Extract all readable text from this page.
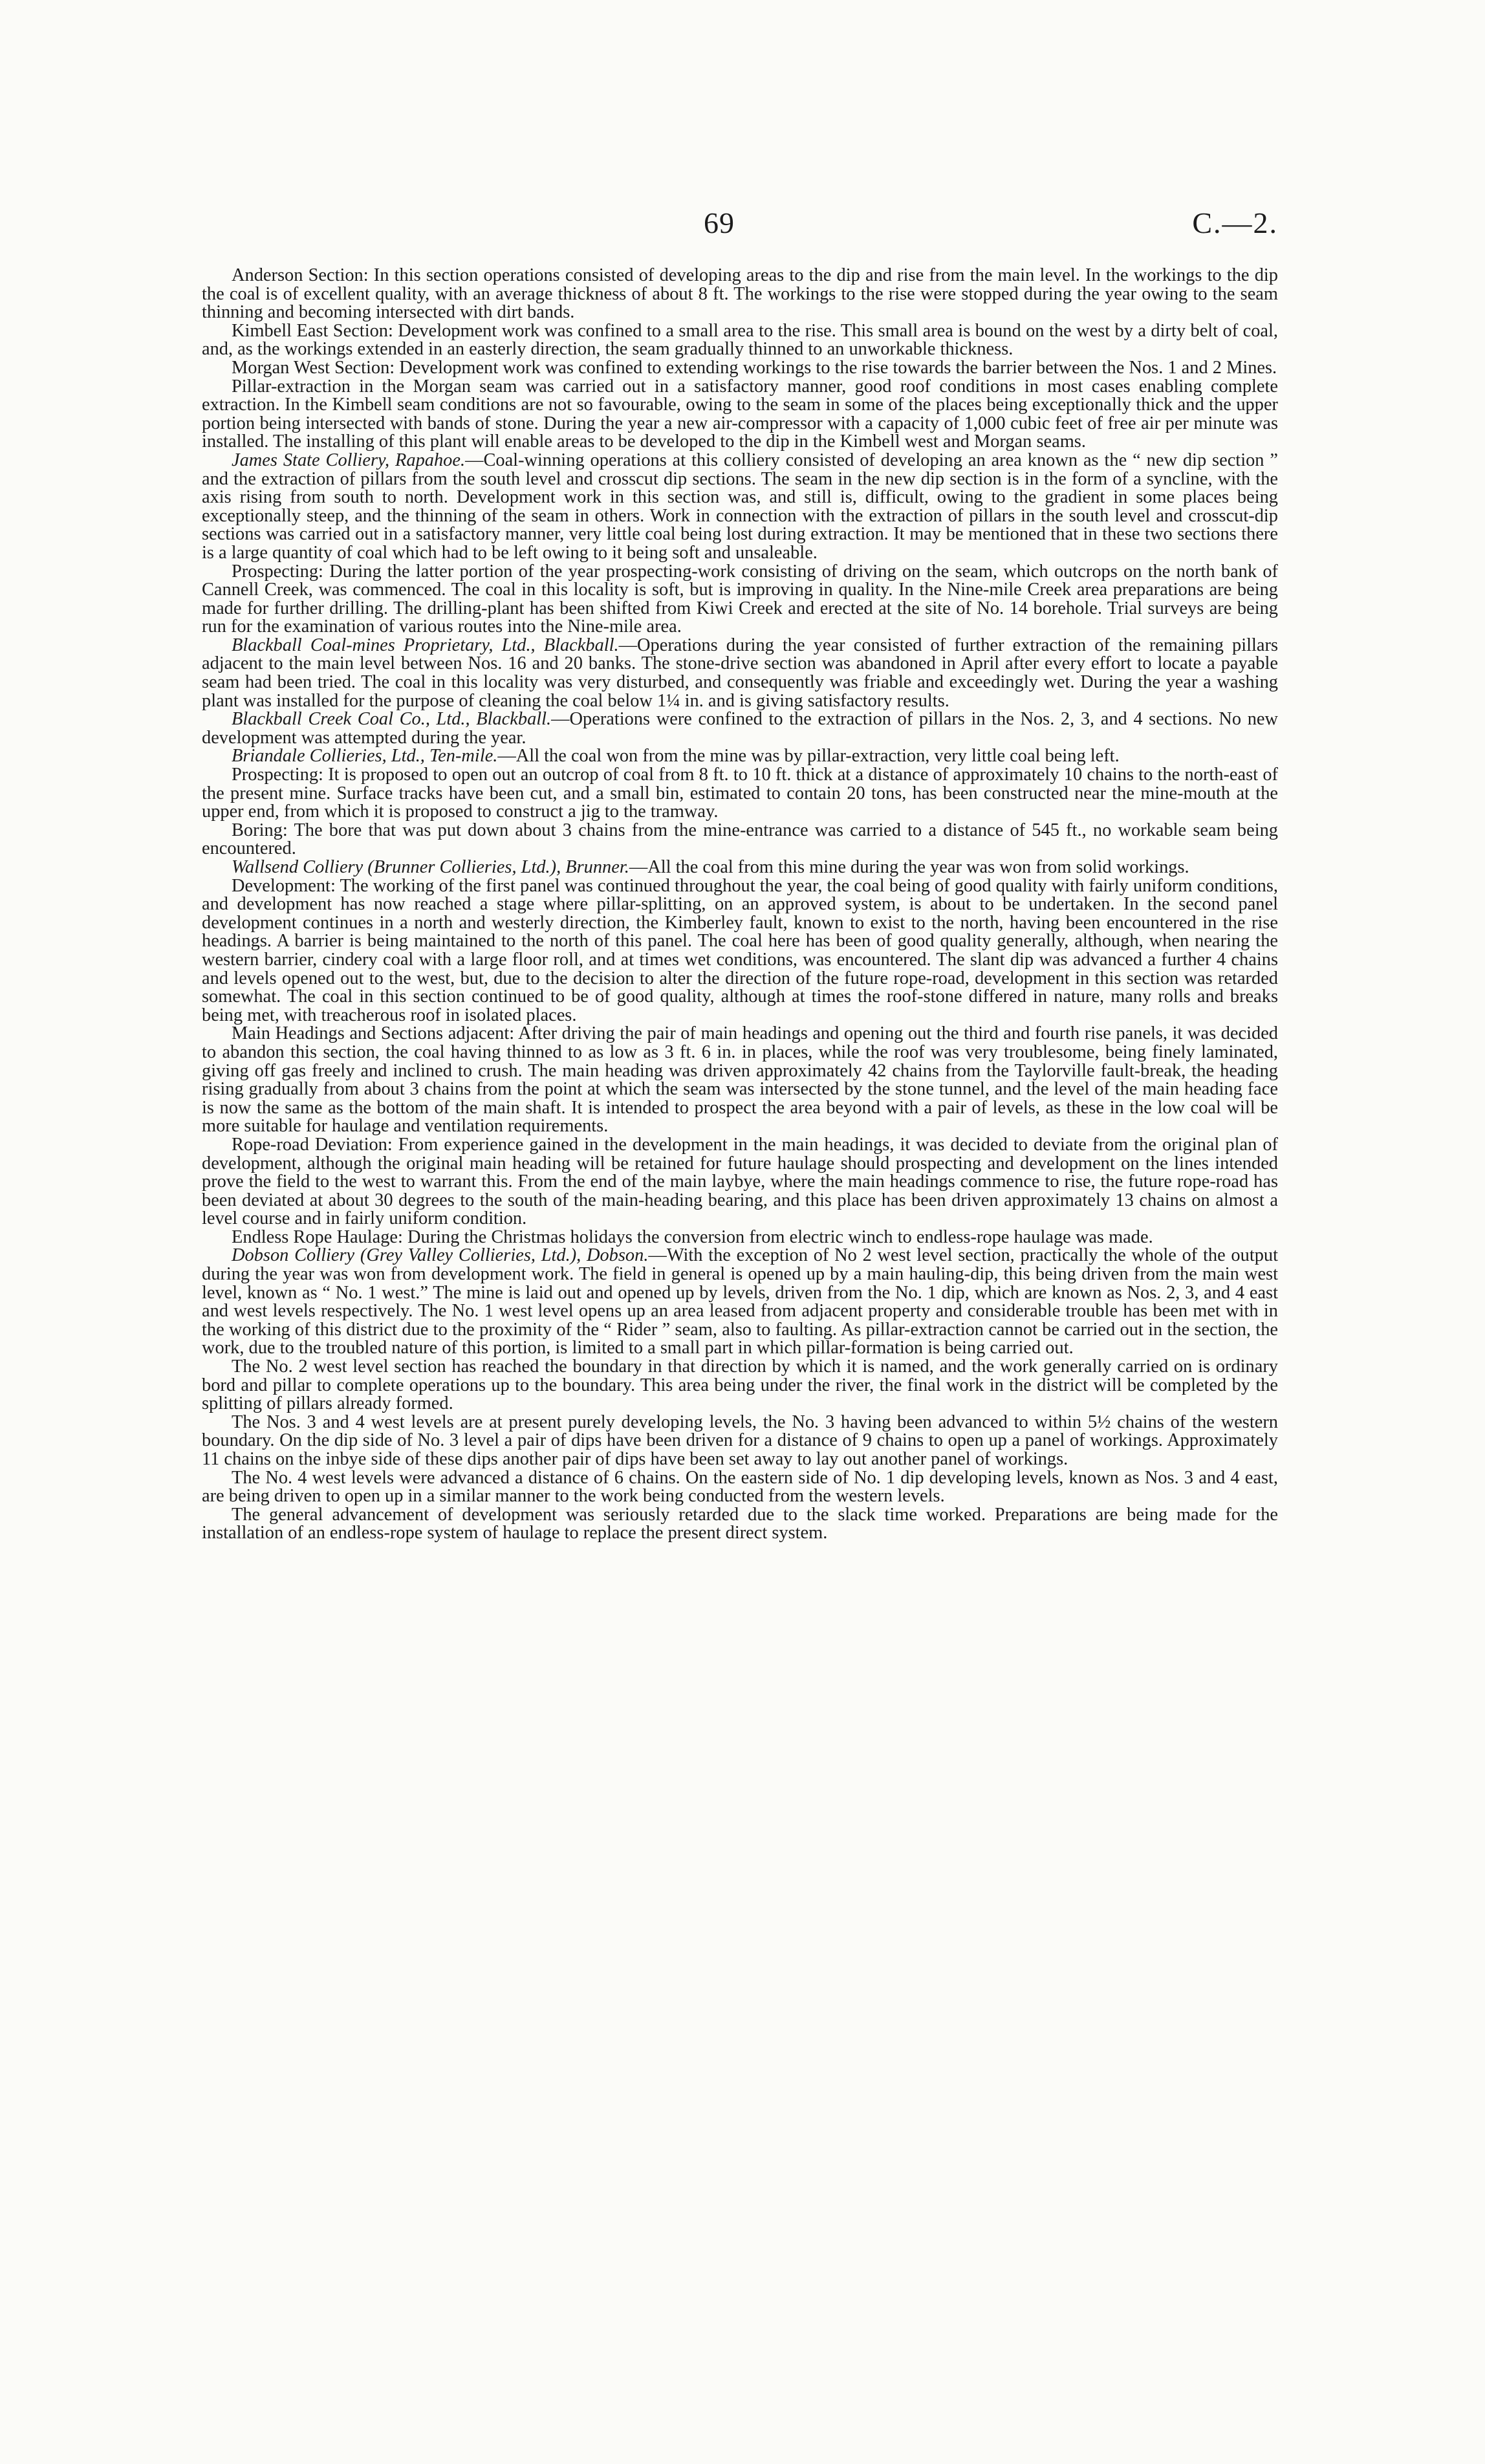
69	C.—2.

Anderson Section: In this section operations consisted of developing areas to the dip and rise from the main level. In the workings to the dip the coal is of excellent quality, with an average thickness of about 8 ft. The workings to the rise were stopped during the year owing to the seam thinning and becoming intersected with dirt bands.

Kimbell East Section: Development work was confined to a small area to the rise. This small area is bound on the west by a dirty belt of coal, and, as the workings extended in an easterly direction, the seam gradually thinned to an unworkable thickness.

Morgan West Section: Development work was confined to extending workings to the rise towards the barrier between the Nos. 1 and 2 Mines.

Pillar-extraction in the Morgan seam was carried out in a satisfactory manner, good roof conditions in most cases enabling complete extraction. In the Kimbell seam conditions are not so favourable, owing to the seam in some of the places being exceptionally thick and the upper portion being intersected with bands of stone. During the year a new air-compressor with a capacity of 1,000 cubic feet of free air per minute was installed. The installing of this plant will enable areas to be developed to the dip in the Kimbell west and Morgan seams.

James State Colliery, Rapahoe.—Coal-winning operations at this colliery consisted of developing an area known as the “ new dip section ” and the extraction of pillars from the south level and crosscut dip sections. The seam in the new dip section is in the form of a syncline, with the axis rising from south to north. Development work in this section was, and still is, difficult, owing to the gradient in some places being exceptionally steep, and the thinning of the seam in others. Work in connection with the extraction of pillars in the south level and crosscut-dip sections was carried out in a satisfactory manner, very little coal being lost during extraction. It may be mentioned that in these two sections there is a large quantity of coal which had to be left owing to it being soft and unsaleable.

Prospecting: During the latter portion of the year prospecting-work consisting of driving on the seam, which outcrops on the north bank of Cannell Creek, was commenced. The coal in this locality is soft, but is improving in quality. In the Nine-mile Creek area preparations are being made for further drilling. The drilling-plant has been shifted from Kiwi Creek and erected at the site of No. 14 borehole. Trial surveys are being run for the examination of various routes into the Nine-mile area.

Blackball Coal-mines Proprietary, Ltd., Blackball.—Operations during the year consisted of further extraction of the remaining pillars adjacent to the main level between Nos. 16 and 20 banks. The stone-drive section was abandoned in April after every effort to locate a payable seam had been tried. The coal in this locality was very disturbed, and consequently was friable and exceedingly wet. During the year a washing plant was installed for the purpose of cleaning the coal below 1¼ in. and is giving satisfactory results.

Blackball Creek Coal Co., Ltd., Blackball.—Operations were confined to the extraction of pillars in the Nos. 2, 3, and 4 sections. No new development was attempted during the year.

Briandale Collieries, Ltd., Ten-mile.—All the coal won from the mine was by pillar-extraction, very little coal being left.

Prospecting: It is proposed to open out an outcrop of coal from 8 ft. to 10 ft. thick at a distance of approximately 10 chains to the north-east of the present mine. Surface tracks have been cut, and a small bin, estimated to contain 20 tons, has been constructed near the mine-mouth at the upper end, from which it is proposed to construct a jig to the tramway.

Boring: The bore that was put down about 3 chains from the mine-entrance was carried to a distance of 545 ft., no workable seam being encountered.

Wallsend Colliery (Brunner Collieries, Ltd.), Brunner.—All the coal from this mine during the year was won from solid workings.

Development: The working of the first panel was continued throughout the year, the coal being of good quality with fairly uniform conditions, and development has now reached a stage where pillar-splitting, on an approved system, is about to be undertaken. In the second panel development continues in a north and westerly direction, the Kimberley fault, known to exist to the north, having been encountered in the rise headings. A barrier is being maintained to the north of this panel. The coal here has been of good quality generally, although, when nearing the western barrier, cindery coal with a large floor roll, and at times wet conditions, was encountered. The slant dip was advanced a further 4 chains and levels opened out to the west, but, due to the decision to alter the direction of the future rope-road, development in this section was retarded somewhat. The coal in this section continued to be of good quality, although at times the roof-stone differed in nature, many rolls and breaks being met, with treacherous roof in isolated places.

Main Headings and Sections adjacent: After driving the pair of main headings and opening out the third and fourth rise panels, it was decided to abandon this section, the coal having thinned to as low as 3 ft. 6 in. in places, while the roof was very troublesome, being finely laminated, giving off gas freely and inclined to crush. The main heading was driven approximately 42 chains from the Taylorville fault-break, the heading rising gradually from about 3 chains from the point at which the seam was intersected by the stone tunnel, and the level of the main heading face is now the same as the bottom of the main shaft. It is intended to prospect the area beyond with a pair of levels, as these in the low coal will be more suitable for haulage and ventilation requirements.

Rope-road Deviation: From experience gained in the development in the main headings, it was decided to deviate from the original plan of development, although the original main heading will be retained for future haulage should prospecting and development on the lines intended prove the field to the west to warrant this. From the end of the main laybye, where the main headings commence to rise, the future rope-road has been deviated at about 30 degrees to the south of the main-heading bearing, and this place has been driven approximately 13 chains on almost a level course and in fairly uniform condition.

Endless Rope Haulage: During the Christmas holidays the conversion from electric winch to endless-rope haulage was made.

Dobson Colliery (Grey Valley Collieries, Ltd.), Dobson.—With the exception of No 2 west level section, practically the whole of the output during the year was won from development work. The field in general is opened up by a main hauling-dip, this being driven from the main west level, known as “ No. 1 west.” The mine is laid out and opened up by levels, driven from the No. 1 dip, which are known as Nos. 2, 3, and 4 east and west levels respectively. The No. 1 west level opens up an area leased from adjacent property and considerable trouble has been met with in the working of this district due to the proximity of the “ Rider ” seam, also to faulting. As pillar-extraction cannot be carried out in the section, the work, due to the troubled nature of this portion, is limited to a small part in which pillar-formation is being carried out.

The No. 2 west level section has reached the boundary in that direction by which it is named, and the work generally carried on is ordinary bord and pillar to complete operations up to the boundary. This area being under the river, the final work in the district will be completed by the splitting of pillars already formed.

The Nos. 3 and 4 west levels are at present purely developing levels, the No. 3 having been advanced to within 5½ chains of the western boundary. On the dip side of No. 3 level a pair of dips have been driven for a distance of 9 chains to open up a panel of workings. Approximately 11 chains on the inbye side of these dips another pair of dips have been set away to lay out another panel of workings.

The No. 4 west levels were advanced a distance of 6 chains. On the eastern side of No. 1 dip developing levels, known as Nos. 3 and 4 east, are being driven to open up in a similar manner to the work being conducted from the western levels.

The general advancement of development was seriously retarded due to the slack time worked. Preparations are being made for the installation of an endless-rope system of haulage to replace the present direct system.
